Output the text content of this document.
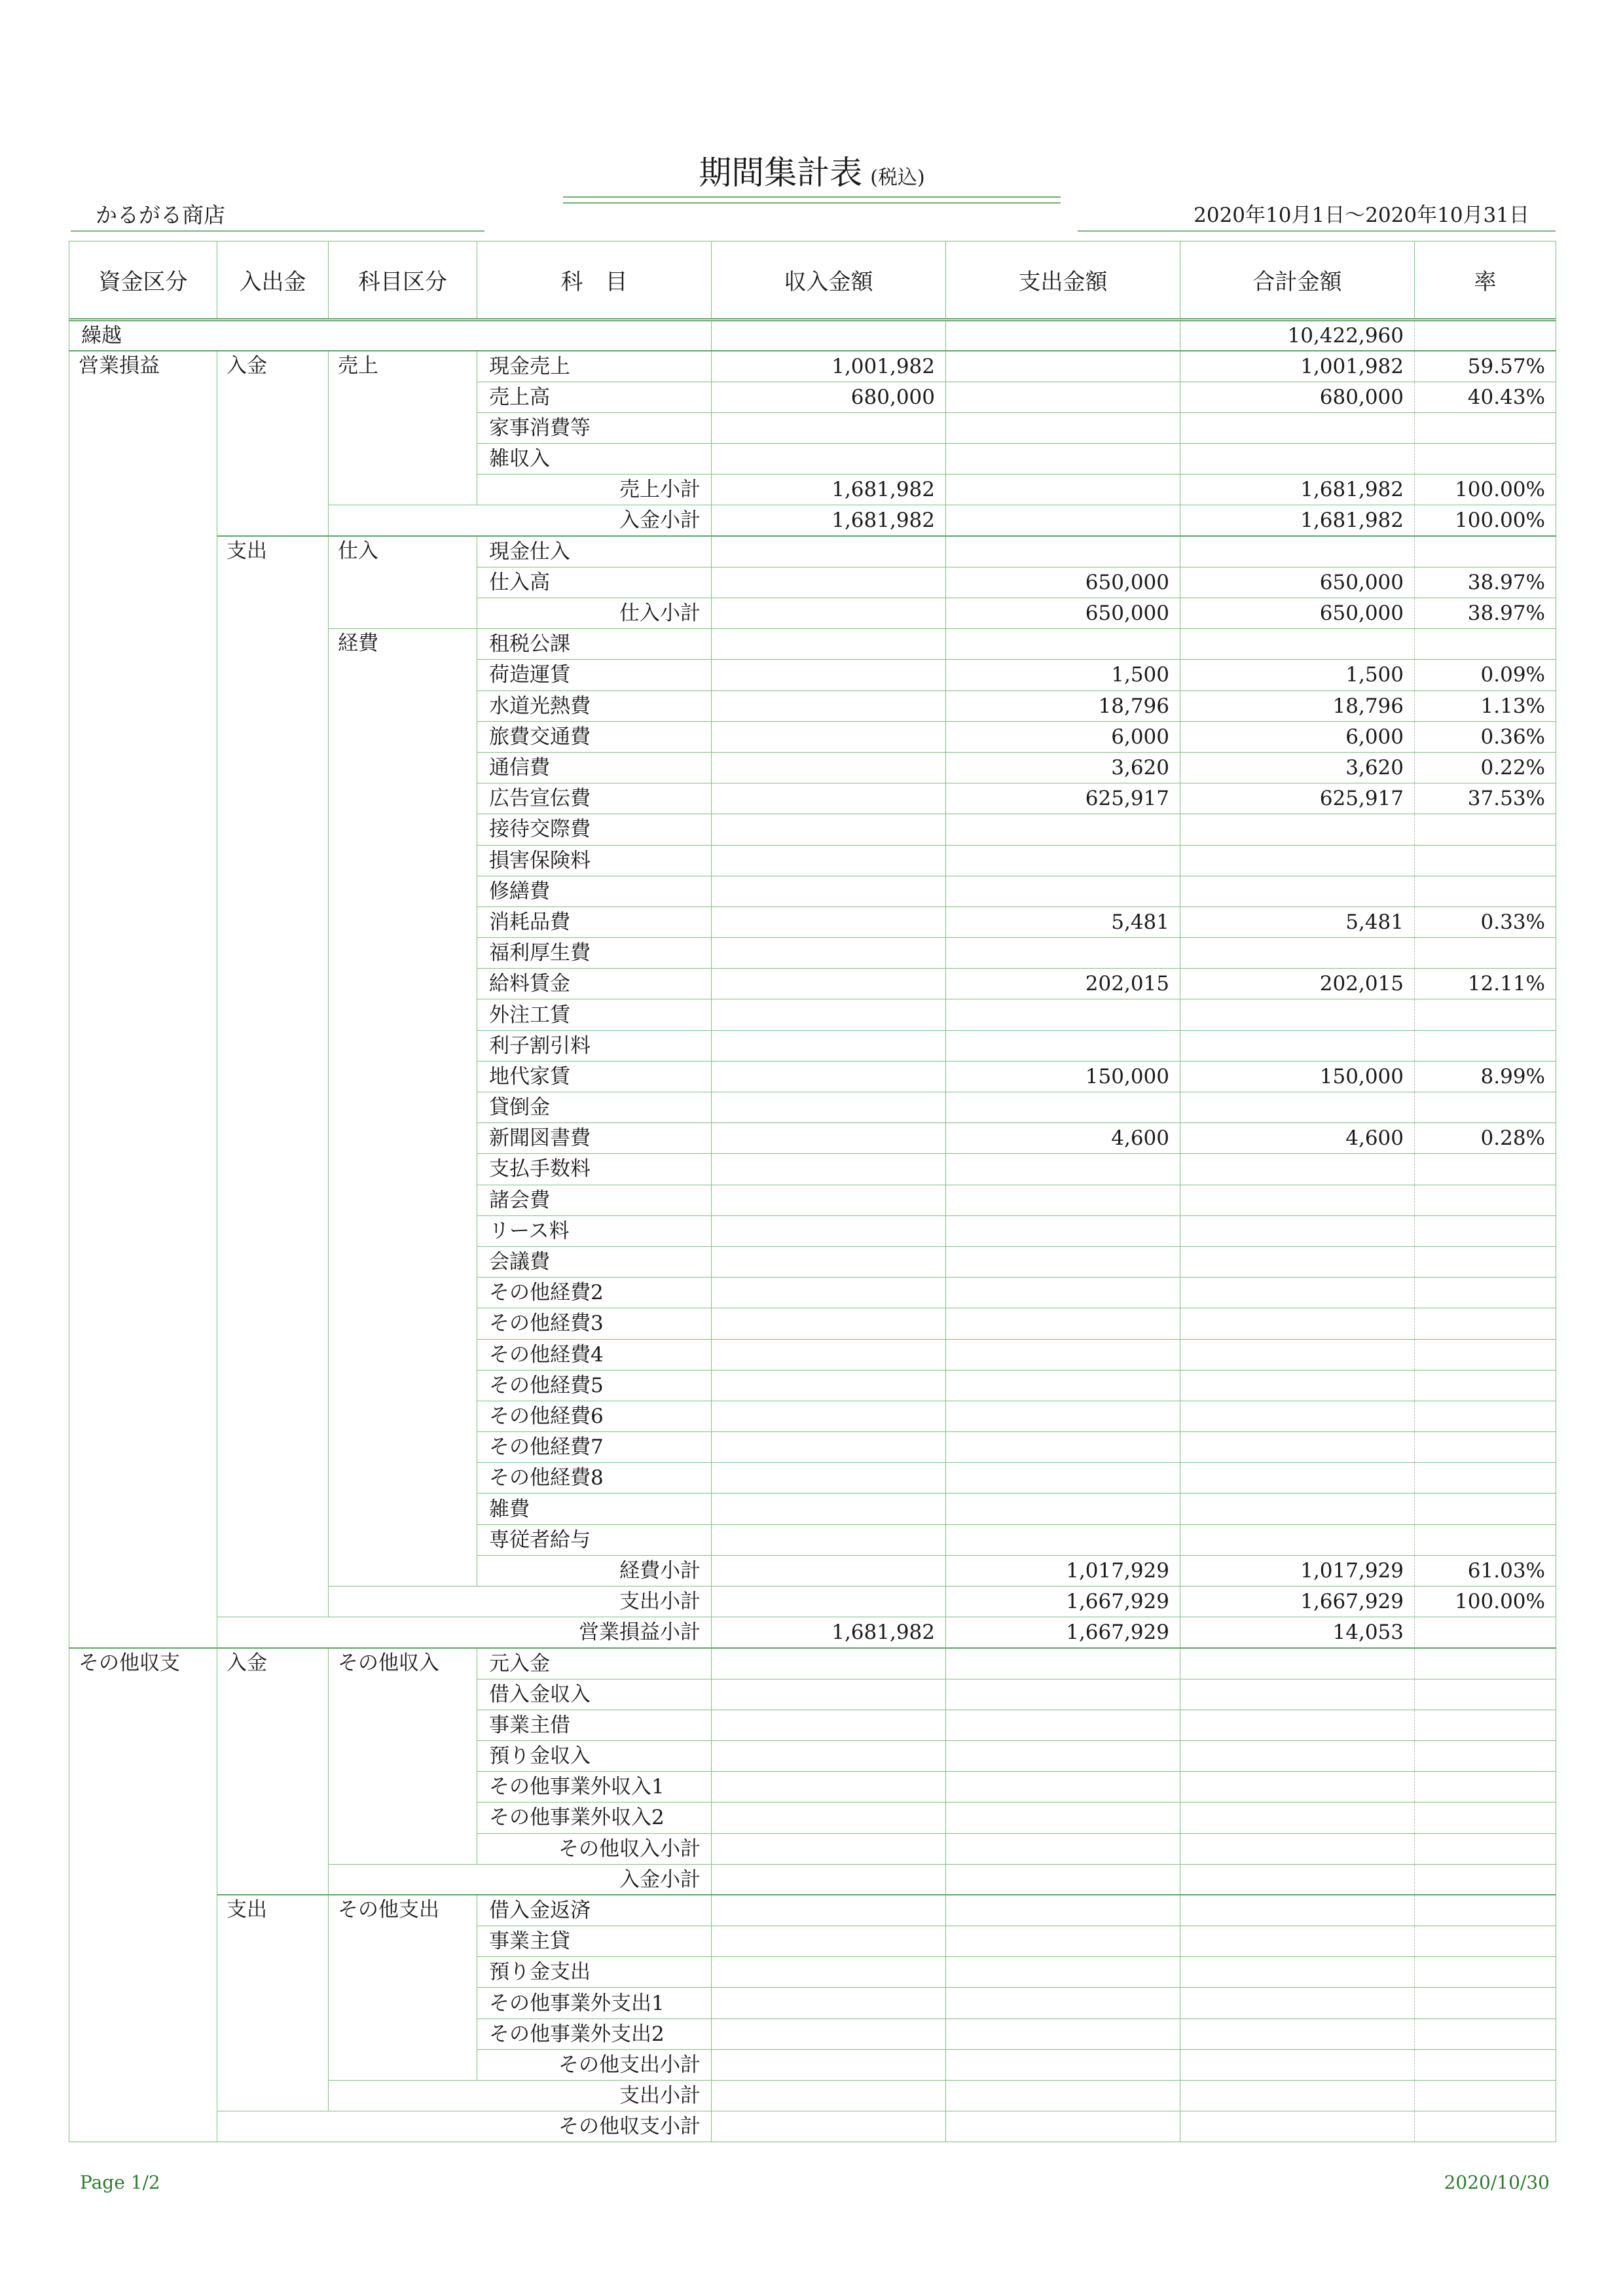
期間集計表 (税込)
かるがる商店	2020年10月1日～2020年10月31日
資金区分	入出金	科目区分	科　目	収入金額	支出金額	合計金額	率
繰越						10,422,960	
営業損益	入金	売上	現金売上	1,001,982		1,001,982	59.57%
			売上高	680,000		680,000	40.43%
			家事消費等				
			雑収入				
			売上小計	1,681,982		1,681,982	100.00%
		入金小計		1,681,982		1,681,982	100.00%
	支出	仕入	現金仕入				
			仕入高		650,000	650,000	38.97%
			仕入小計		650,000	650,000	38.97%
		経費	租税公課				
			荷造運賃		1,500	1,500	0.09%
			水道光熱費		18,796	18,796	1.13%
			旅費交通費		6,000	6,000	0.36%
			通信費		3,620	3,620	0.22%
			広告宣伝費		625,917	625,917	37.53%
			接待交際費				
			損害保険料				
			修繕費				
			消耗品費		5,481	5,481	0.33%
			福利厚生費				
			給料賃金		202,015	202,015	12.11%
			外注工賃				
			利子割引料				
			地代家賃		150,000	150,000	8.99%
			貸倒金				
			新聞図書費		4,600	4,600	0.28%
			支払手数料				
			諸会費				
			リース料				
			会議費				
			その他経費2				
			その他経費3				
			その他経費4				
			その他経費5				
			その他経費6				
			その他経費7				
			その他経費8				
			雑費				
			専従者給与				
			経費小計		1,017,929	1,017,929	61.03%
		支出小計			1,667,929	1,667,929	100.00%
	営業損益小計			1,681,982	1,667,929	14,053	
その他収支	入金	その他収入	元入金				
			借入金収入				
			事業主借				
			預り金収入				
			その他事業外収入1				
			その他事業外収入2				
			その他収入小計				
		入金小計					
	支出	その他支出	借入金返済				
			事業主貸				
			預り金支出				
			その他事業外支出1				
			その他事業外支出2				
			その他支出小計				
		支出小計					
	その他収支小計						
Page 1/2	2020/10/30
